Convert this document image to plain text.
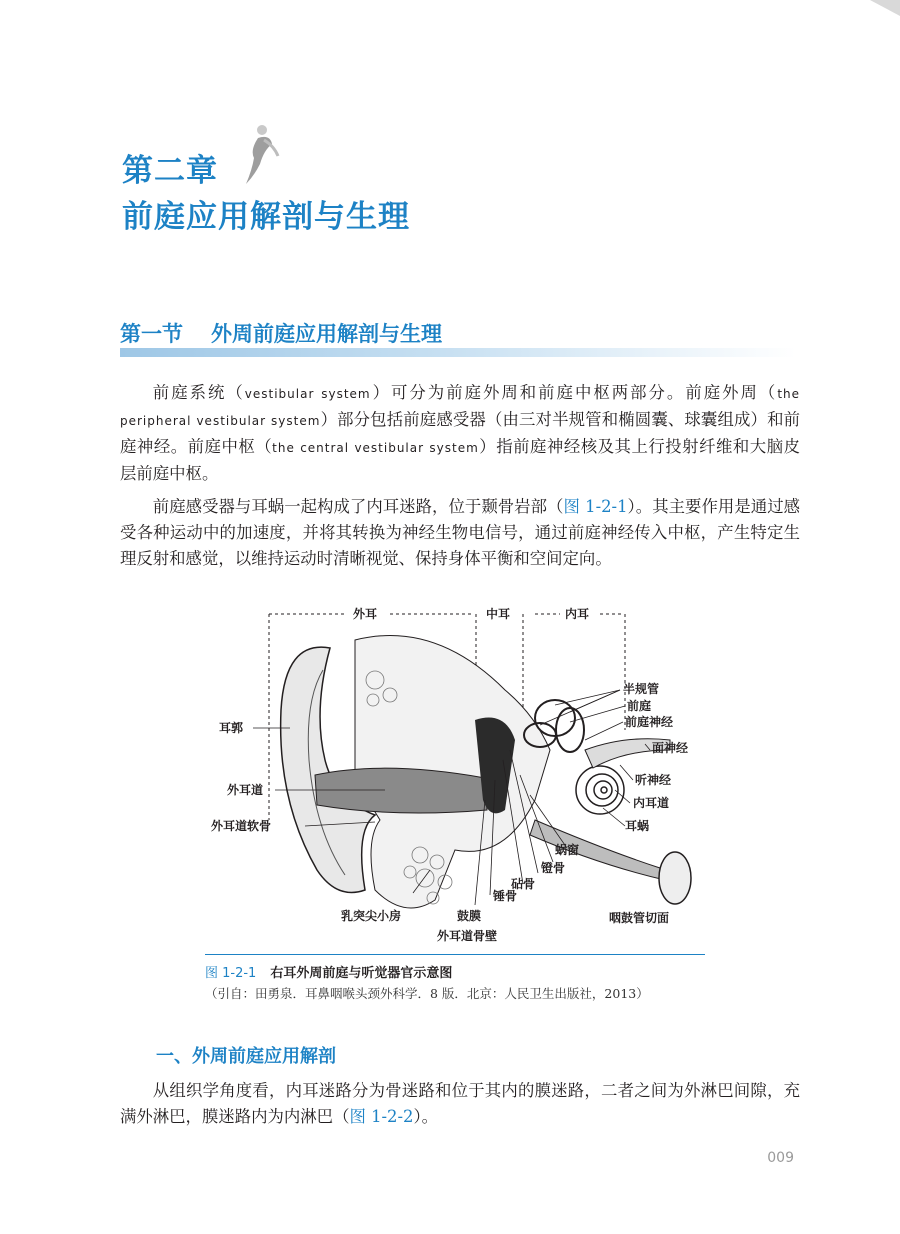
第二章
前庭应用解剖与生理
第一节 外周前庭应用解剖与生理

前庭系统（vestibular system）可分为前庭外周和前庭中枢两部分。前庭外周（the peripheral vestibular system）部分包括前庭感受器（由三对半规管和椭圆囊、球囊组成）和前庭神经。前庭中枢（the central vestibular system）指前庭神经核及其上行投射纤维和大脑皮层前庭中枢。

前庭感受器与耳蜗一起构成了内耳迷路，位于颞骨岩部（图 1-2-1）。其主要作用是通过感受各种运动中的加速度，并将其转换为神经生物电信号，通过前庭神经传入中枢，产生特定生理反射和感觉，以维持运动时清晰视觉、保持身体平衡和空间定向。

外耳	中耳	内耳
耳郭
外耳道
外耳道软骨
乳突尖小房
外耳道骨壁
鼓膜
锤骨
砧骨
镫骨
蜗窗
耳蜗
内耳道
听神经
面神经
前庭神经
前庭
半规管
咽鼓管切面
图 1-2-1 右耳外周前庭与听觉器官示意图
（引自：田勇泉．耳鼻咽喉头颈外科学．8 版．北京：人民卫生出版社，2013）
一、外周前庭应用解剖

从组织学角度看，内耳迷路分为骨迷路和位于其内的膜迷路，二者之间为外淋巴间隙，充满外淋巴，膜迷路内为内淋巴（图 1-2-2）。

009
